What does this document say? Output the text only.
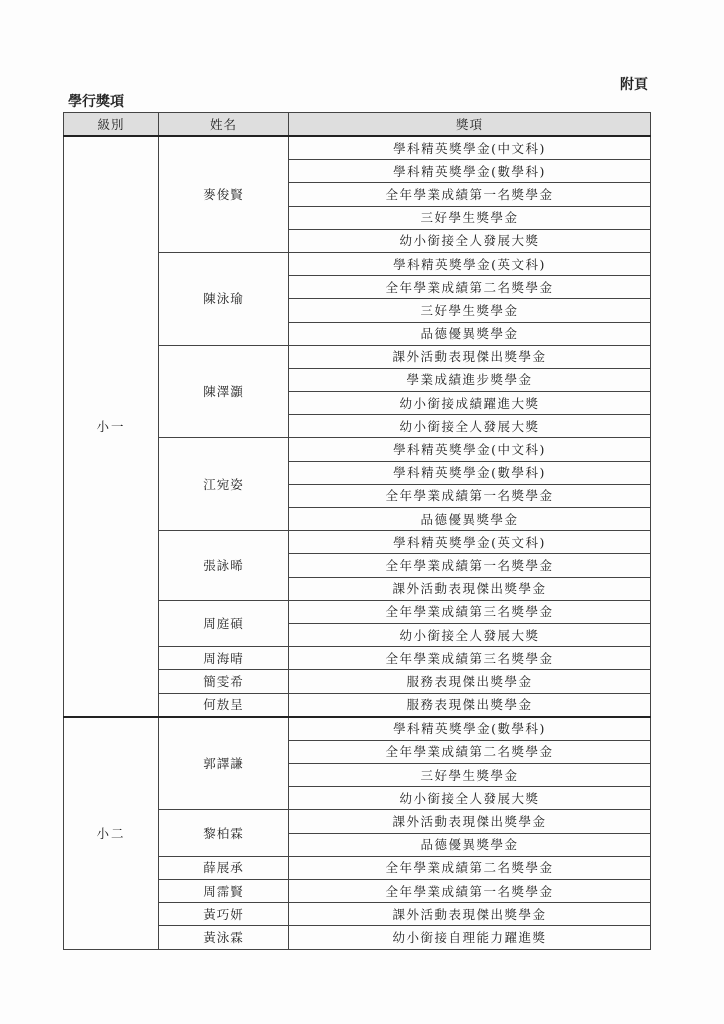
附頁
學行獎項
級別	姓名	獎項
小一	麥俊賢	學科精英獎學金(中文科)
		學科精英獎學金(數學科)
		全年學業成績第一名獎學金
		三好學生獎學金
		幼小銜接全人發展大獎
	陳泳瑜	學科精英獎學金(英文科)
		全年學業成績第二名獎學金
		三好學生獎學金
		品德優異獎學金
	陳澤灝	課外活動表現傑出獎學金
		學業成績進步獎學金
		幼小銜接成績躍進大獎
		幼小銜接全人發展大獎
	江宛姿	學科精英獎學金(中文科)
		學科精英獎學金(數學科)
		全年學業成績第一名獎學金
		品德優異獎學金
	張詠晞	學科精英獎學金(英文科)
		全年學業成績第一名獎學金
		課外活動表現傑出獎學金
	周庭碩	全年學業成績第三名獎學金
		幼小銜接全人發展大獎
	周海晴	全年學業成績第三名獎學金
	簡雯希	服務表現傑出獎學金
	何敖呈	服務表現傑出獎學金
小二	郭譯謙	學科精英獎學金(數學科)
		全年學業成績第二名獎學金
		三好學生獎學金
		幼小銜接全人發展大獎
	黎柏霖	課外活動表現傑出獎學金
		品德優異獎學金
	薛展承	全年學業成績第二名獎學金
	周霈賢	全年學業成績第一名獎學金
	黃巧妍	課外活動表現傑出獎學金
	黃泳霖	幼小銜接自理能力躍進獎
